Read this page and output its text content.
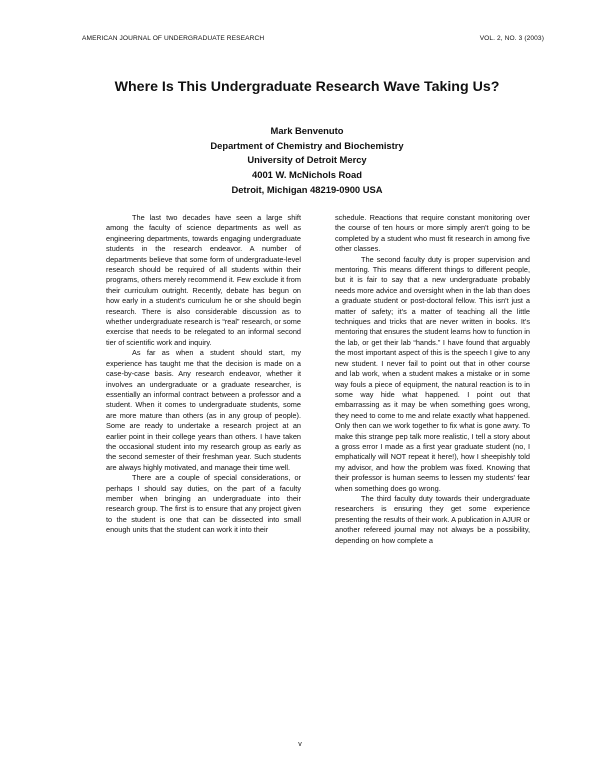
AMERICAN JOURNAL OF UNDERGRADUATE RESEARCH	VOL. 2, NO. 3 (2003)
Where Is This Undergraduate Research Wave Taking Us?
Mark Benvenuto
Department of Chemistry and Biochemistry
University of Detroit Mercy
4001 W. McNichols Road
Detroit, Michigan 48219-0900 USA

The last two decades have seen a large shift among the faculty of science departments as well as engineering departments, towards engaging undergraduate students in the research endeavor. A number of departments believe that some form of undergraduate-level research should be required of all students within their programs, others merely recommend it. Few exclude it from their curriculum outright. Recently, debate has begun on how early in a student's curriculum he or she should begin research. There is also considerable discussion as to whether undergraduate research is “real” research, or some exercise that needs to be relegated to an informal second tier of scientific work and inquiry.

As far as when a student should start, my experience has taught me that the decision is made on a case-by-case basis. Any research endeavor, whether it involves an undergraduate or a graduate researcher, is essentially an informal contract between a professor and a student. When it comes to undergraduate students, some are more mature than others (as in any group of people). Some are ready to undertake a research project at an earlier point in their college years than others. I have taken the occasional student into my research group as early as the second semester of their freshman year. Such students are always highly motivated, and manage their time well.

There are a couple of special considerations, or perhaps I should say duties, on the part of a faculty member when bringing an undergraduate into their research group. The first is to ensure that any project given to the student is one that can be dissected into small enough units that the student can work it into their

schedule. Reactions that require constant monitoring over the course of ten hours or more simply aren't going to be completed by a student who must fit research in among five other classes.

The second faculty duty is proper supervision and mentoring. This means different things to different people, but it is fair to say that a new undergraduate probably needs more advice and oversight when in the lab than does a graduate student or post-doctoral fellow. This isn't just a matter of safety; it's a matter of teaching all the little techniques and tricks that are never written in books. It's mentoring that ensures the student learns how to function in the lab, or get their lab “hands.” I have found that arguably the most important aspect of this is the speech I give to any new student. I never fail to point out that in other course and lab work, when a student makes a mistake or in some way fouls a piece of equipment, the natural reaction is to in some way hide what happened. I point out that embarrassing as it may be when something goes wrong, they need to come to me and relate exactly what happened. Only then can we work together to fix what is gone awry. To make this strange pep talk more realistic, I tell a story about a gross error I made as a first year graduate student (no, I emphatically will NOT repeat it here!), how I sheepishly told my advisor, and how the problem was fixed. Knowing that their professor is human seems to lessen my students' fear when something does go wrong.

The third faculty duty towards their undergraduate researchers is ensuring they get some experience presenting the results of their work. A publication in AJUR or another refereed journal may not always be a possibility, depending on how complete a

v
